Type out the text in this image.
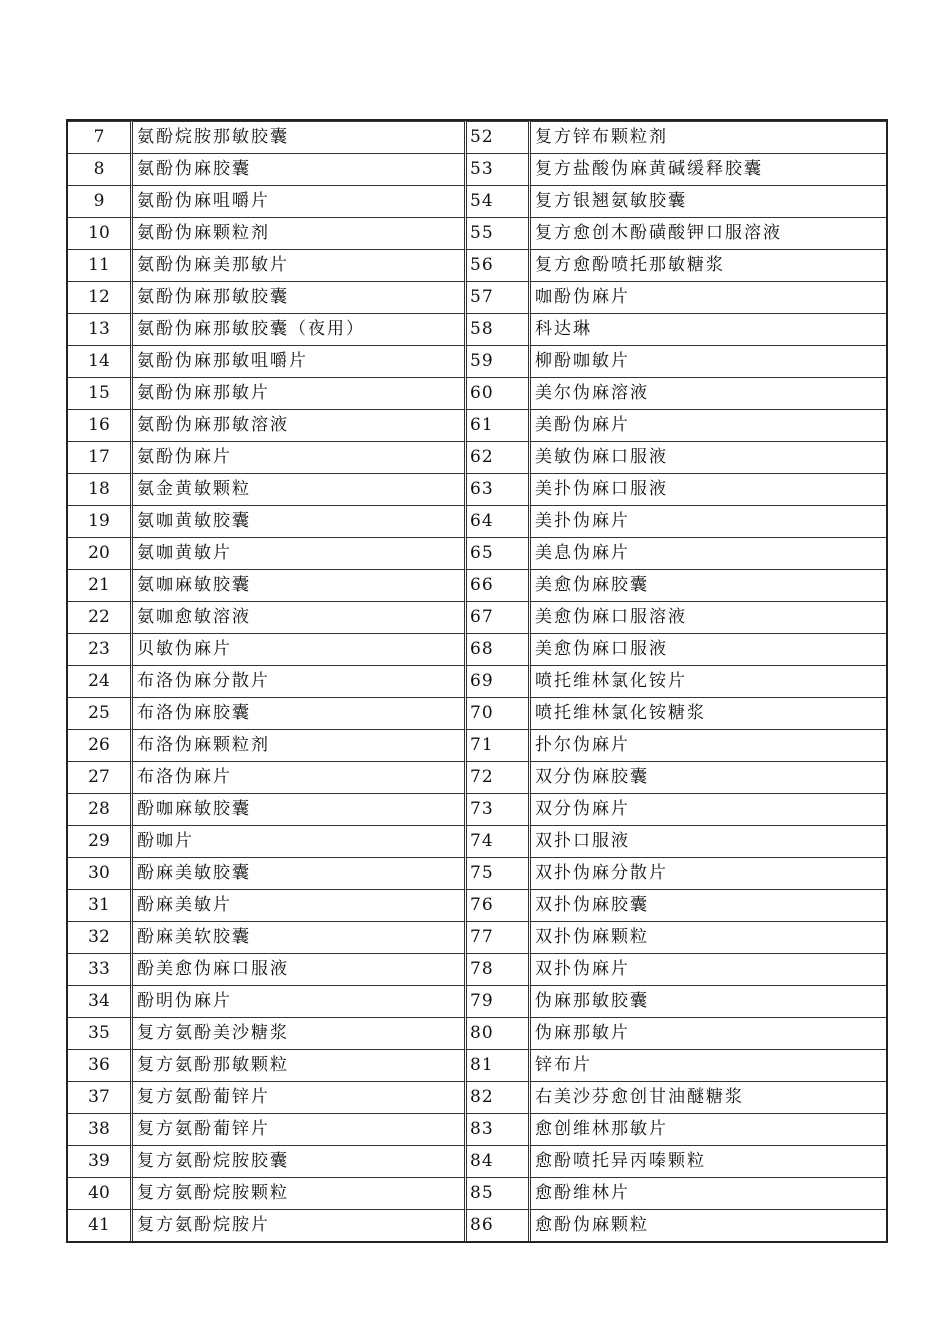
7	氨酚烷胺那敏胶囊	52	复方锌布颗粒剂
8	氨酚伪麻胶囊	53	复方盐酸伪麻黄碱缓释胶囊
9	氨酚伪麻咀嚼片	54	复方银翘氨敏胶囊
10	氨酚伪麻颗粒剂	55	复方愈创木酚磺酸钾口服溶液
11	氨酚伪麻美那敏片	56	复方愈酚喷托那敏糖浆
12	氨酚伪麻那敏胶囊	57	咖酚伪麻片
13	氨酚伪麻那敏胶囊（夜用）	58	科达琳
14	氨酚伪麻那敏咀嚼片	59	柳酚咖敏片
15	氨酚伪麻那敏片	60	美尔伪麻溶液
16	氨酚伪麻那敏溶液	61	美酚伪麻片
17	氨酚伪麻片	62	美敏伪麻口服液
18	氨金黄敏颗粒	63	美扑伪麻口服液
19	氨咖黄敏胶囊	64	美扑伪麻片
20	氨咖黄敏片	65	美息伪麻片
21	氨咖麻敏胶囊	66	美愈伪麻胶囊
22	氨咖愈敏溶液	67	美愈伪麻口服溶液
23	贝敏伪麻片	68	美愈伪麻口服液
24	布洛伪麻分散片	69	喷托维林氯化铵片
25	布洛伪麻胶囊	70	喷托维林氯化铵糖浆
26	布洛伪麻颗粒剂	71	扑尔伪麻片
27	布洛伪麻片	72	双分伪麻胶囊
28	酚咖麻敏胶囊	73	双分伪麻片
29	酚咖片	74	双扑口服液
30	酚麻美敏胶囊	75	双扑伪麻分散片
31	酚麻美敏片	76	双扑伪麻胶囊
32	酚麻美软胶囊	77	双扑伪麻颗粒
33	酚美愈伪麻口服液	78	双扑伪麻片
34	酚明伪麻片	79	伪麻那敏胶囊
35	复方氨酚美沙糖浆	80	伪麻那敏片
36	复方氨酚那敏颗粒	81	锌布片
37	复方氨酚葡锌片	82	右美沙芬愈创甘油醚糖浆
38	复方氨酚葡锌片	83	愈创维林那敏片
39	复方氨酚烷胺胶囊	84	愈酚喷托异丙嗪颗粒
40	复方氨酚烷胺颗粒	85	愈酚维林片
41	复方氨酚烷胺片	86	愈酚伪麻颗粒
